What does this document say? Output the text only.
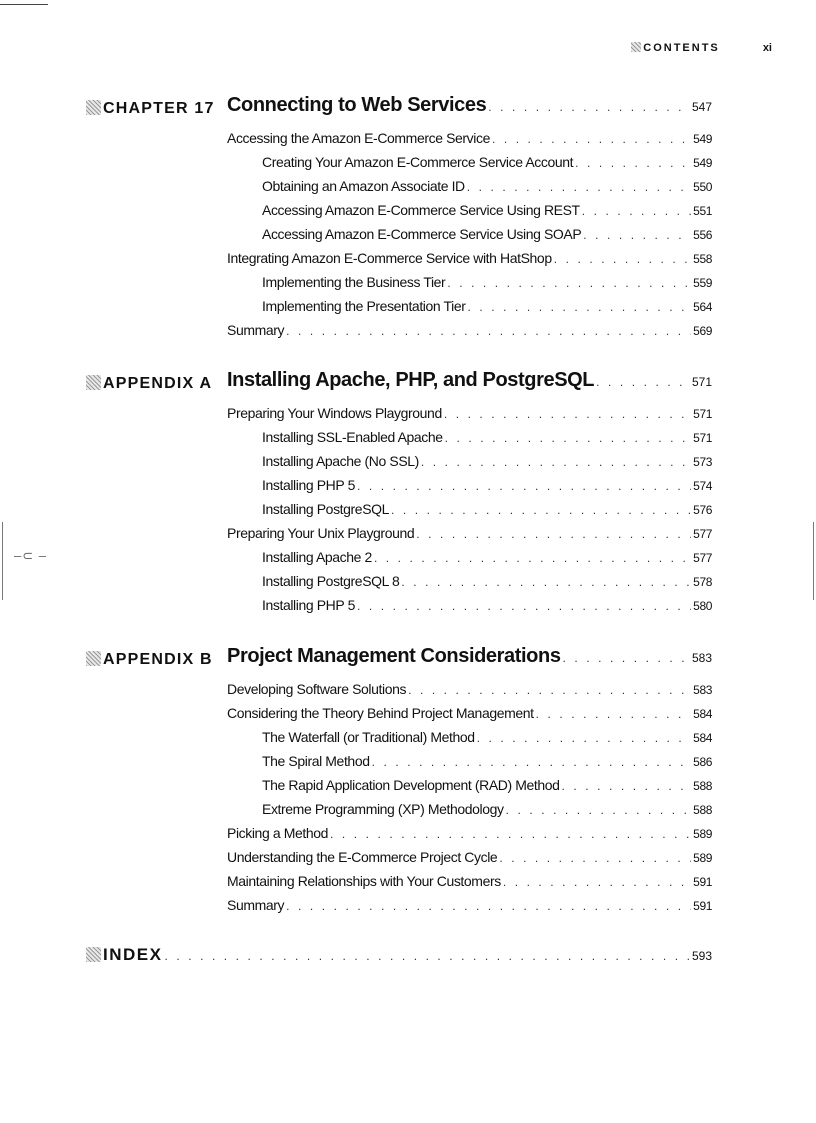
–⊂ –
CONTENTS	xi
CHAPTER 17 Connecting to Web Services . . .	547
Accessing the Amazon E-Commerce Service . . .	549
Creating Your Amazon E-Commerce Service Account . . .	549
Obtaining an Amazon Associate ID . . .	550
Accessing Amazon E-Commerce Service Using REST . . .	551
Accessing Amazon E-Commerce Service Using SOAP . . .	556
Integrating Amazon E-Commerce Service with HatShop . . .	558
Implementing the Business Tier . . .	559
Implementing the Presentation Tier . . .	564
Summary . . .	569
APPENDIX A Installing Apache, PHP, and PostgreSQL . . .	571
Preparing Your Windows Playground . . .	571
Installing SSL-Enabled Apache . . .	571
Installing Apache (No SSL) . . .	573
Installing PHP 5 . . .	574
Installing PostgreSQL . . .	576
Preparing Your Unix Playground . . .	577
Installing Apache 2 . . .	577
Installing PostgreSQL 8 . . .	578
Installing PHP 5 . . .	580
APPENDIX B Project Management Considerations . . .	583
Developing Software Solutions . . .	583
Considering the Theory Behind Project Management . . .	584
The Waterfall (or Traditional) Method . . .	584
The Spiral Method . . .	586
The Rapid Application Development (RAD) Method . . .	588
Extreme Programming (XP) Methodology . . .	588
Picking a Method . . .	589
Understanding the E-Commerce Project Cycle . . .	589
Maintaining Relationships with Your Customers . . .	591
Summary . . .	591
INDEX . . .	593
